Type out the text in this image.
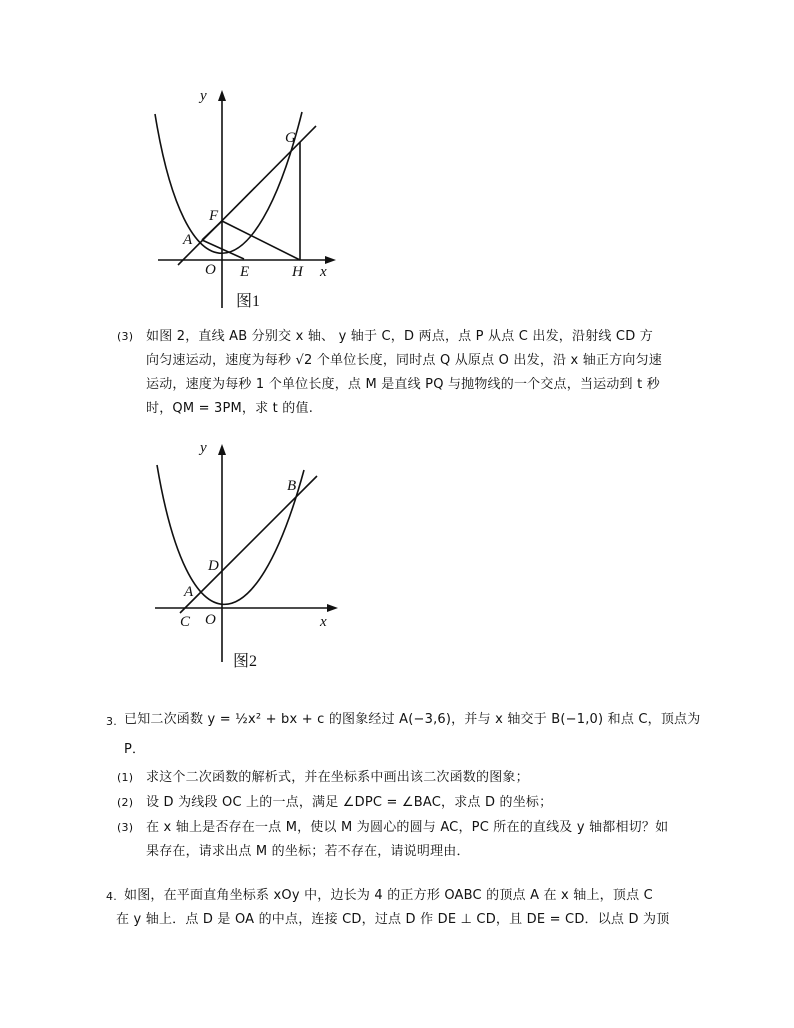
y
x
O E	H
A
F
G
图1
(3) 如图 2，直线 AB 分别交 x 轴、 y 轴于 C，D 两点，点 P 从点 C 出发，沿射线 CD 方
向匀速运动，速度为每秒 √2 个单位长度，同时点 Q 从原点 O 出发，沿 x 轴正方向匀速
运动，速度为每秒 1 个单位长度，点 M 是直线 PQ 与抛物线的一个交点，当运动到 t 秒
时，QM = 3PM，求 t 的值.
y
x
O
C
A
D
B
图2
3. 已知二次函数 y = ½x² + bx + c 的图象经过 A(−3,6)，并与 x 轴交于 B(−1,0) 和点 C，顶点为
P．
(1) 求这个二次函数的解析式，并在坐标系中画出该二次函数的图象；
(2) 设 D 为线段 OC 上的一点，满足 ∠DPC = ∠BAC，求点 D 的坐标；
(3) 在 x 轴上是否存在一点 M，使以 M 为圆心的圆与 AC，PC 所在的直线及 y 轴都相切？如
果存在，请求出点 M 的坐标；若不存在，请说明理由．
4. 如图，在平面直角坐标系 xOy 中，边长为 4 的正方形 OABC 的顶点 A 在 x 轴上，顶点 C
在 y 轴上．点 D 是 OA 的中点，连接 CD，过点 D 作 DE ⊥ CD，且 DE = CD．以点 D 为顶
